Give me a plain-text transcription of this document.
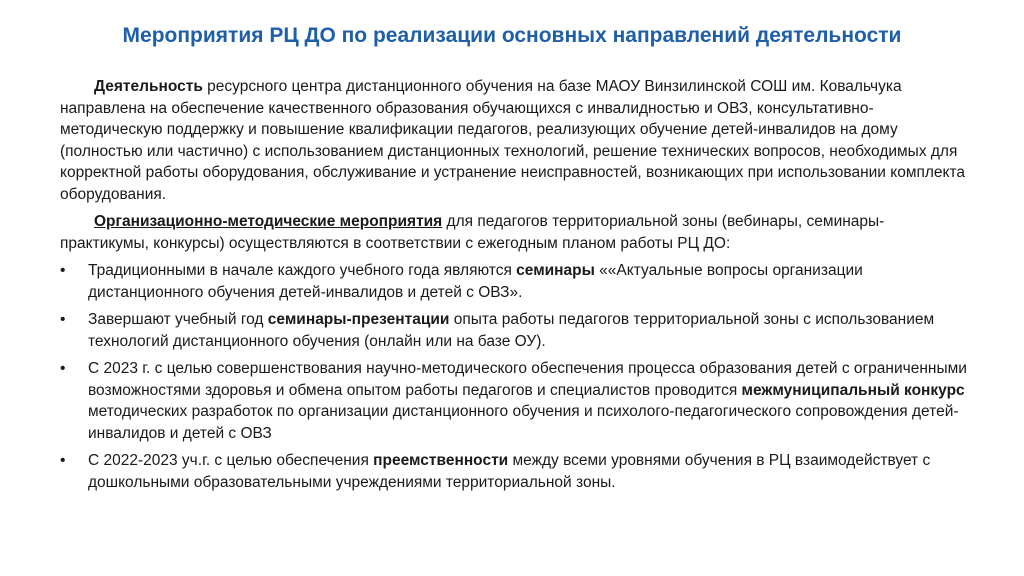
Мероприятия РЦ ДО по реализации основных направлений деятельности

Деятельность ресурсного центра дистанционного обучения на базе МАОУ Винзилинской СОШ им. Ковальчука направлена на обеспечение качественного образования обучающихся с инвалидностью и ОВЗ, консультативно-методическую поддержку и повышение квалификации педагогов, реализующих обучение детей-инвалидов на дому (полностью или частично) с использованием дистанционных технологий, решение технических вопросов, необходимых для корректной работы оборудования, обслуживание и устранение неисправностей, возникающих при использовании комплекта оборудования.

Организационно-методические мероприятия для педагогов территориальной зоны (вебинары, семинары-практикумы, конкурсы) осуществляются в соответствии с ежегодным планом работы РЦ ДО:

• Традиционными в начале каждого учебного года являются семинары ««Актуальные вопросы организации дистанционного обучения детей-инвалидов и детей с ОВЗ».
• Завершают учебный год семинары-презентации опыта работы педагогов территориальной зоны с использованием технологий дистанционного обучения (онлайн или на базе ОУ).
• С 2023 г. с целью совершенствования научно-методического обеспечения процесса образования детей с ограниченными возможностями здоровья и обмена опытом работы педагогов и специалистов проводится межмуниципальный конкурс методических разработок по организации дистанционного обучения и психолого-педагогического сопровождения детей-инвалидов и детей с ОВЗ
• С 2022-2023 уч.г. с целью обеспечения преемственности между всеми уровнями обучения в РЦ взаимодействует с дошкольными образовательными учреждениями территориальной зоны.
